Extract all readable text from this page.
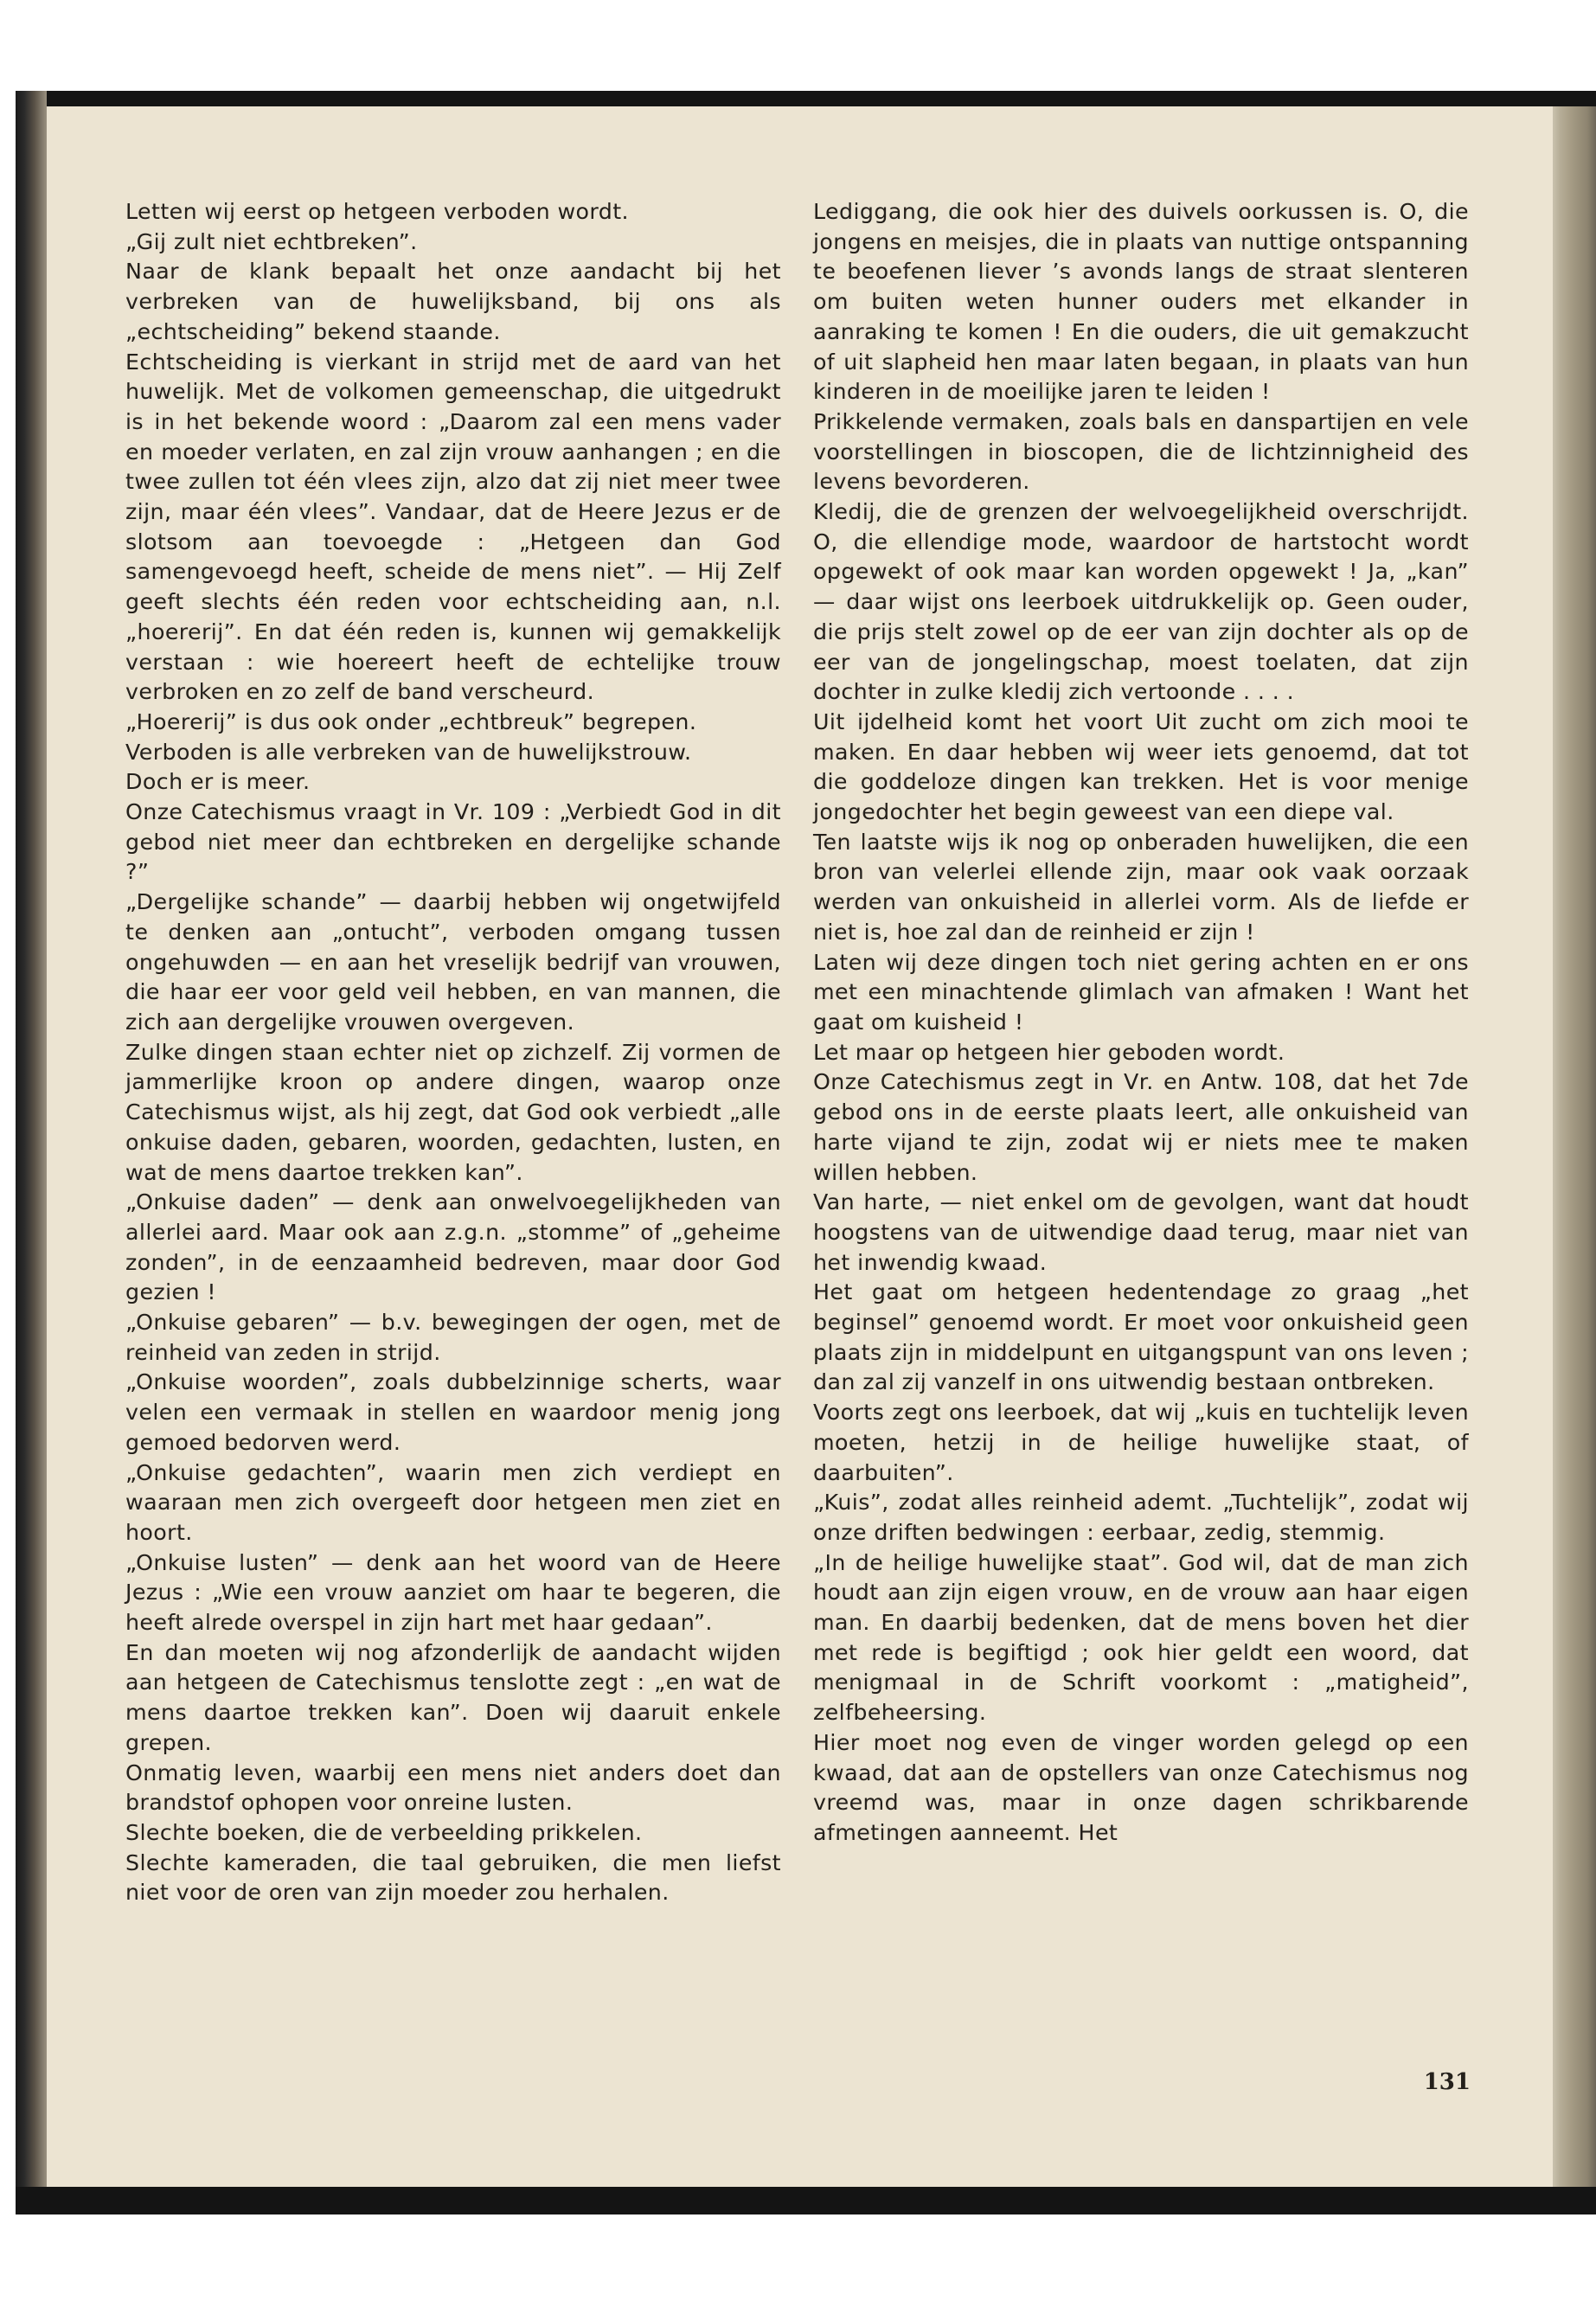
Letten wij eerst op hetgeen verboden wordt.

„Gij zult niet echtbreken”.

Naar de klank bepaalt het onze aandacht bij het verbreken van de huwelijksband, bij ons als „echtscheiding” bekend staande.

Echtscheiding is vierkant in strijd met de aard van het huwelijk. Met de volkomen gemeenschap, die uitgedrukt is in het bekende woord : „Daarom zal een mens vader en moeder verlaten, en zal zijn vrouw aanhangen ; en die twee zullen tot één vlees zijn, alzo dat zij niet meer twee zijn, maar één vlees”. Vandaar, dat de Heere Jezus er de slotsom aan toevoegde : „Hetgeen dan God samengevoegd heeft, scheide de mens niet”. — Hij Zelf geeft slechts één reden voor echtscheiding aan, n.l. „hoererij”. En dat één reden is, kunnen wij gemakkelijk verstaan : wie hoereert heeft de echtelijke trouw verbroken en zo zelf de band verscheurd.

„Hoererij” is dus ook onder „echtbreuk” begrepen.

Verboden is alle verbreken van de huwelijkstrouw.

Doch er is meer.

Onze Catechismus vraagt in Vr. 109 : „Verbiedt God in dit gebod niet meer dan echtbreken en dergelijke schande ?”

„Dergelijke schande” — daarbij hebben wij ongetwijfeld te denken aan „ontucht”, verboden omgang tussen ongehuwden — en aan het vreselijk bedrijf van vrouwen, die haar eer voor geld veil hebben, en van mannen, die zich aan dergelijke vrouwen overgeven.

Zulke dingen staan echter niet op zichzelf. Zij vormen de jammerlijke kroon op andere dingen, waarop onze Catechismus wijst, als hij zegt, dat God ook verbiedt „alle onkuise daden, gebaren, woorden, gedachten, lusten, en wat de mens daartoe trekken kan”.

„Onkuise daden” — denk aan onwelvoegelijkheden van allerlei aard. Maar ook aan z.g.n. „stomme” of „geheime zonden”, in de eenzaamheid bedreven, maar door God gezien !

„Onkuise gebaren” — b.v. bewegingen der ogen, met de reinheid van zeden in strijd.

„Onkuise woorden”, zoals dubbelzinnige scherts, waar velen een vermaak in stellen en waardoor menig jong gemoed bedorven werd.

„Onkuise gedachten”, waarin men zich verdiept en waaraan men zich overgeeft door hetgeen men ziet en hoort.

„Onkuise lusten” — denk aan het woord van de Heere Jezus : „Wie een vrouw aanziet om haar te begeren, die heeft alrede overspel in zijn hart met haar gedaan”.

En dan moeten wij nog afzonderlijk de aandacht wijden aan hetgeen de Catechismus tenslotte zegt : „en wat de mens daartoe trekken kan”. Doen wij daaruit enkele grepen.

Onmatig leven, waarbij een mens niet anders doet dan brandstof ophopen voor onreine lusten.

Slechte boeken, die de verbeelding prikkelen.

Slechte kameraden, die taal gebruiken, die men liefst niet voor de oren van zijn moeder zou herhalen.

Lediggang, die ook hier des duivels oorkussen is. O, die jongens en meisjes, die in plaats van nuttige ontspanning te beoefenen liever ’s avonds langs de straat slenteren om buiten weten hunner ouders met elkander in aanraking te komen ! En die ouders, die uit gemakzucht of uit slapheid hen maar laten begaan, in plaats van hun kinderen in de moeilijke jaren te leiden !

Prikkelende vermaken, zoals bals en danspartijen en vele voorstellingen in bioscopen, die de lichtzinnigheid des levens bevorderen.

Kledij, die de grenzen der welvoegelijkheid overschrijdt. O, die ellendige mode, waardoor de hartstocht wordt opgewekt of ook maar kan worden opgewekt ! Ja, „kan” — daar wijst ons leerboek uitdrukkelijk op. Geen ouder, die prijs stelt zowel op de eer van zijn dochter als op de eer van de jongelingschap, moest toelaten, dat zijn dochter in zulke kledij zich vertoonde . . . .

Uit ijdelheid komt het voort Uit zucht om zich mooi te maken. En daar hebben wij weer iets genoemd, dat tot die goddeloze dingen kan trekken. Het is voor menige jongedochter het begin geweest van een diepe val.

Ten laatste wijs ik nog op onberaden huwelijken, die een bron van velerlei ellende zijn, maar ook vaak oorzaak werden van onkuisheid in allerlei vorm. Als de liefde er niet is, hoe zal dan de reinheid er zijn !

Laten wij deze dingen toch niet gering achten en er ons met een minachtende glimlach van afmaken ! Want het gaat om kuisheid !

Let maar op hetgeen hier geboden wordt.

Onze Catechismus zegt in Vr. en Antw. 108, dat het 7de gebod ons in de eerste plaats leert, alle onkuisheid van harte vijand te zijn, zodat wij er niets mee te maken willen hebben.

Van harte, — niet enkel om de gevolgen, want dat houdt hoogstens van de uitwendige daad terug, maar niet van het inwendig kwaad.

Het gaat om hetgeen hedentendage zo graag „het beginsel” genoemd wordt. Er moet voor onkuisheid geen plaats zijn in middelpunt en uitgangspunt van ons leven ; dan zal zij vanzelf in ons uitwendig bestaan ontbreken.

Voorts zegt ons leerboek, dat wij „kuis en tuchtelijk leven moeten, hetzij in de heilige huwelijke staat, of daarbuiten”.

„Kuis”, zodat alles reinheid ademt. „Tuchtelijk”, zodat wij onze driften bedwingen : eerbaar, zedig, stemmig.

„In de heilige huwelijke staat”. God wil, dat de man zich houdt aan zijn eigen vrouw, en de vrouw aan haar eigen man. En daarbij bedenken, dat de mens boven het dier met rede is begiftigd ; ook hier geldt een woord, dat menigmaal in de Schrift voorkomt : „matigheid”, zelfbeheersing.

Hier moet nog even de vinger worden gelegd op een kwaad, dat aan de opstellers van onze Catechismus nog vreemd was, maar in onze dagen schrikbarende afmetingen aanneemt. Het

131
